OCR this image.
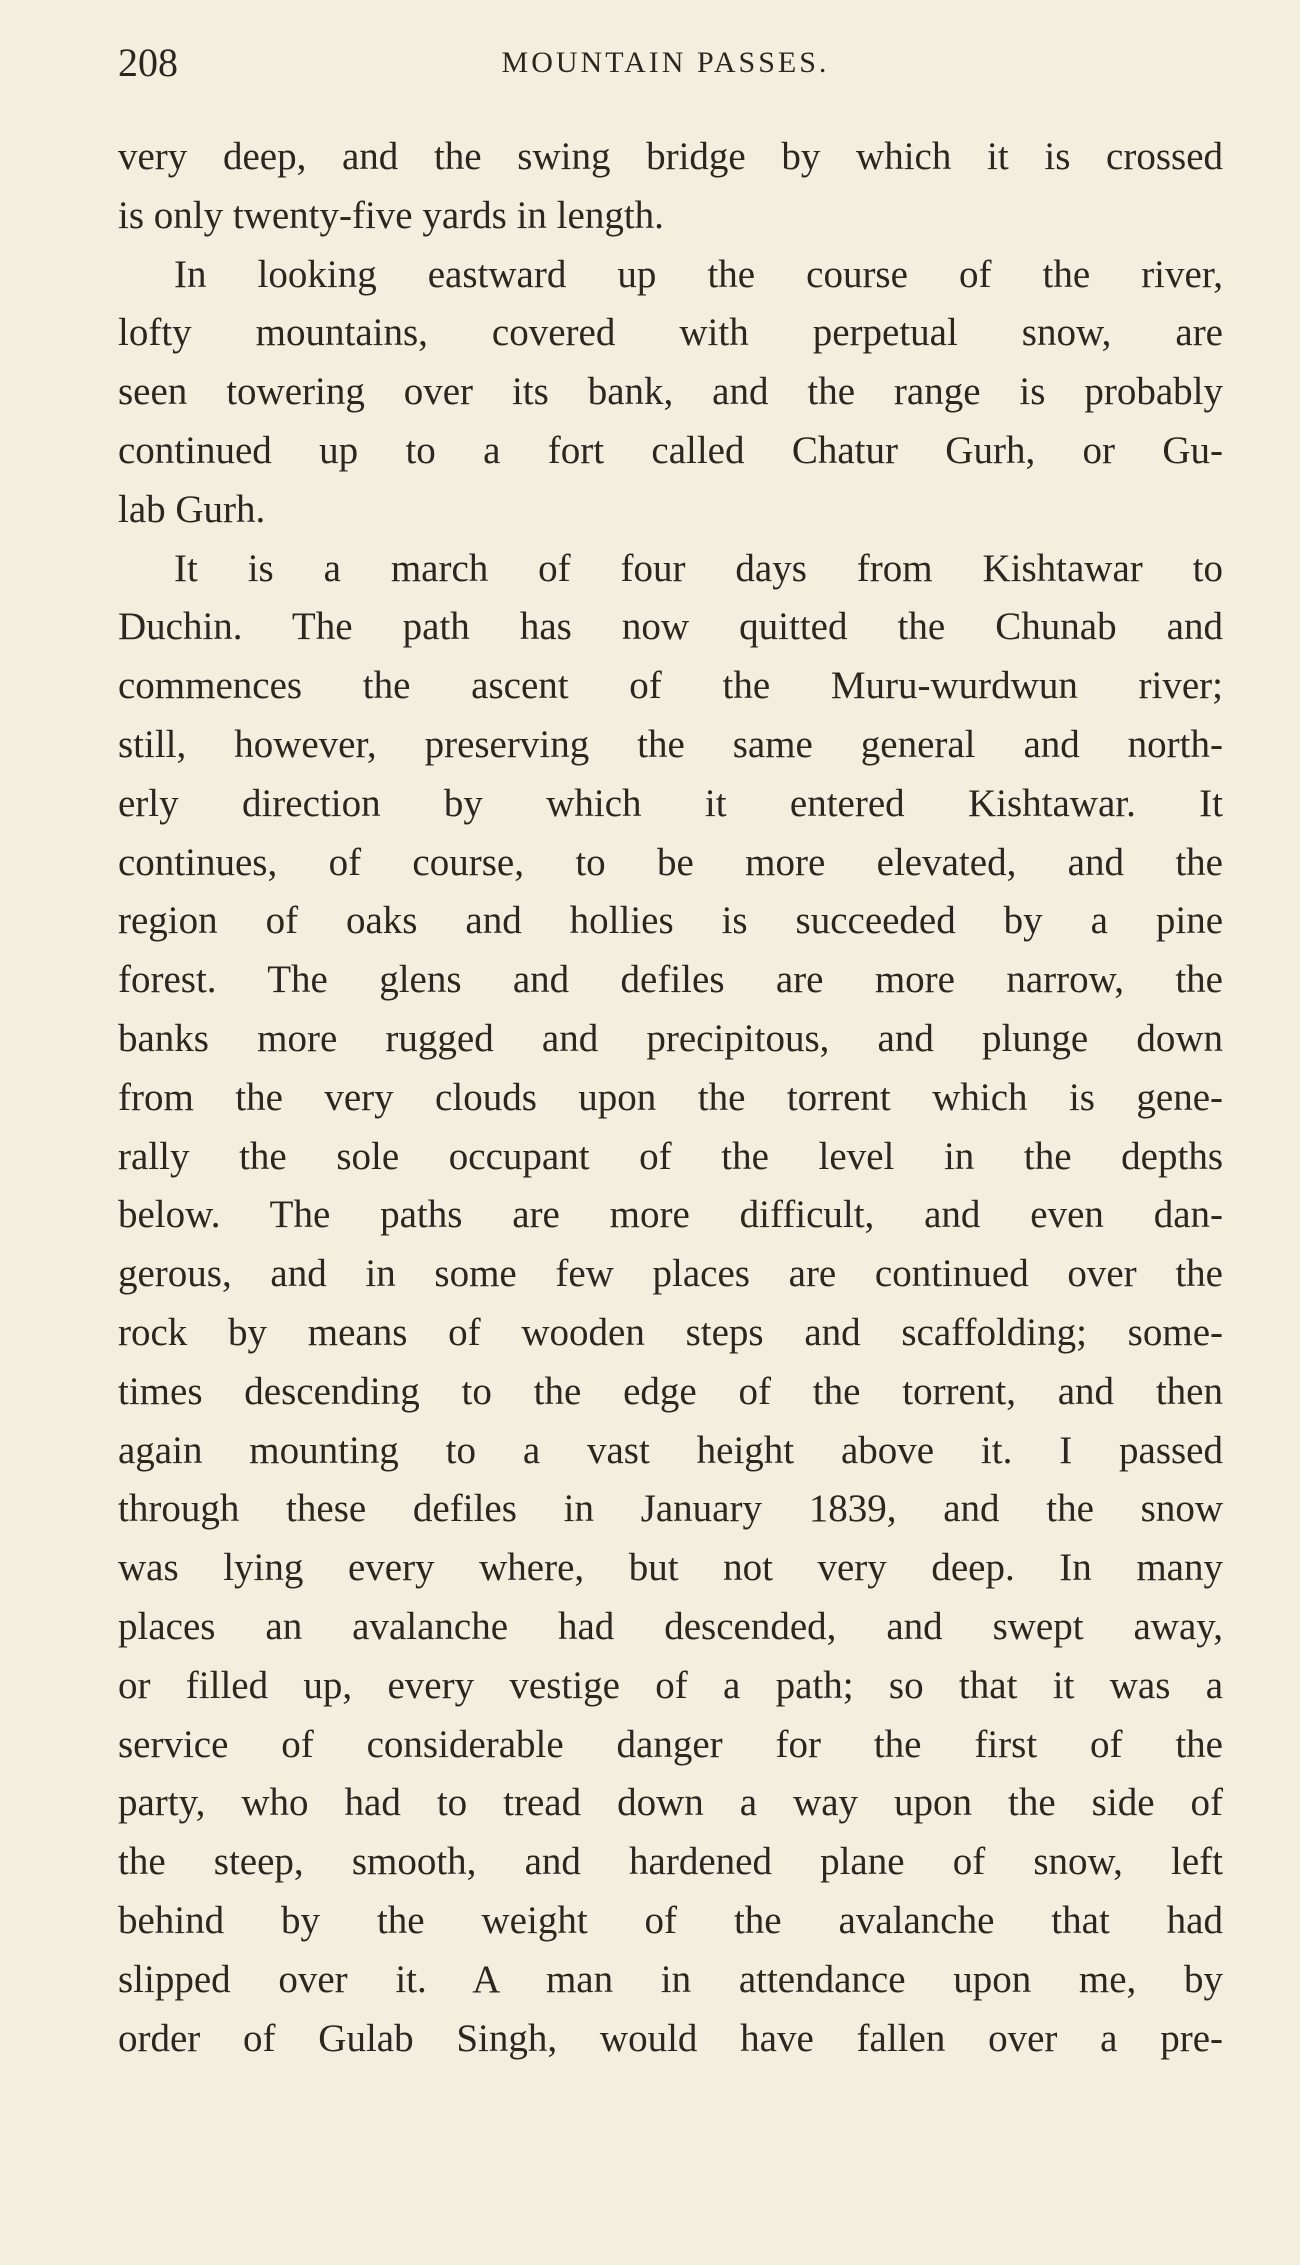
208	MOUNTAIN PASSES.
very deep, and the swing bridge by which it is crossed
is only twenty-five yards in length.
In looking eastward up the course of the river,
lofty mountains, covered with perpetual snow, are
seen towering over its bank, and the range is probably
continued up to a fort called Chatur Gurh, or Gu-
lab Gurh.
It is a march of four days from Kishtawar to
Duchin. The path has now quitted the Chunab and
commences the ascent of the Muru-wurdwun river;
still, however, preserving the same general and north-
erly direction by which it entered Kishtawar. It
continues, of course, to be more elevated, and the
region of oaks and hollies is succeeded by a pine
forest. The glens and defiles are more narrow, the
banks more rugged and precipitous, and plunge down
from the very clouds upon the torrent which is gene-
rally the sole occupant of the level in the depths
below. The paths are more difficult, and even dan-
gerous, and in some few places are continued over the
rock by means of wooden steps and scaffolding; some-
times descending to the edge of the torrent, and then
again mounting to a vast height above it. I passed
through these defiles in January 1839, and the snow
was lying every where, but not very deep. In many
places an avalanche had descended, and swept away,
or filled up, every vestige of a path; so that it was a
service of considerable danger for the first of the
party, who had to tread down a way upon the side of
the steep, smooth, and hardened plane of snow, left
behind by the weight of the avalanche that had
slipped over it. A man in attendance upon me, by
order of Gulab Singh, would have fallen over a pre-
